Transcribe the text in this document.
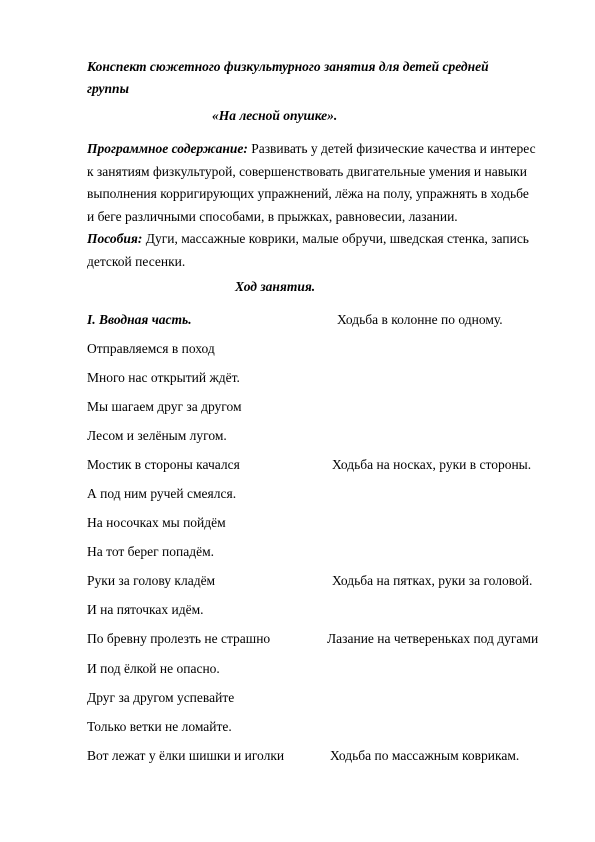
Конспект сюжетного физкультурного занятия для детей средней группы
«На лесной опушке».
Программное содержание: Развивать у детей физические качества и интерес к занятиям физкультурой, совершенствовать двигательные умения и навыки выполнения корригирующих упражнений, лёжа на полу, упражнять в ходьбе и беге различными способами, в прыжках, равновесии, лазании.
Пособия: Дуги, массажные коврики, малые обручи, шведская стенка, запись детской песенки.
Ход занятия.
I. Вводная часть.	Ходьба в колонне по одному.
Отправляемся в поход
Много нас открытий ждёт.
Мы шагаем друг за другом
Лесом и зелёным лугом.
Мостик в стороны качался	Ходьба на носках, руки в стороны.
А под ним ручей смеялся.
На носочках мы пойдём
На тот берег попадём.
Руки за голову кладём	Ходьба на пятках, руки за головой.
И на пяточках идём.
По бревну пролезть не страшно	Лазание на четвереньках под дугами
И под ёлкой не опасно.
Друг за другом успевайте
Только ветки не ломайте.
Вот лежат у ёлки шишки и иголки	Ходьба по массажным коврикам.
